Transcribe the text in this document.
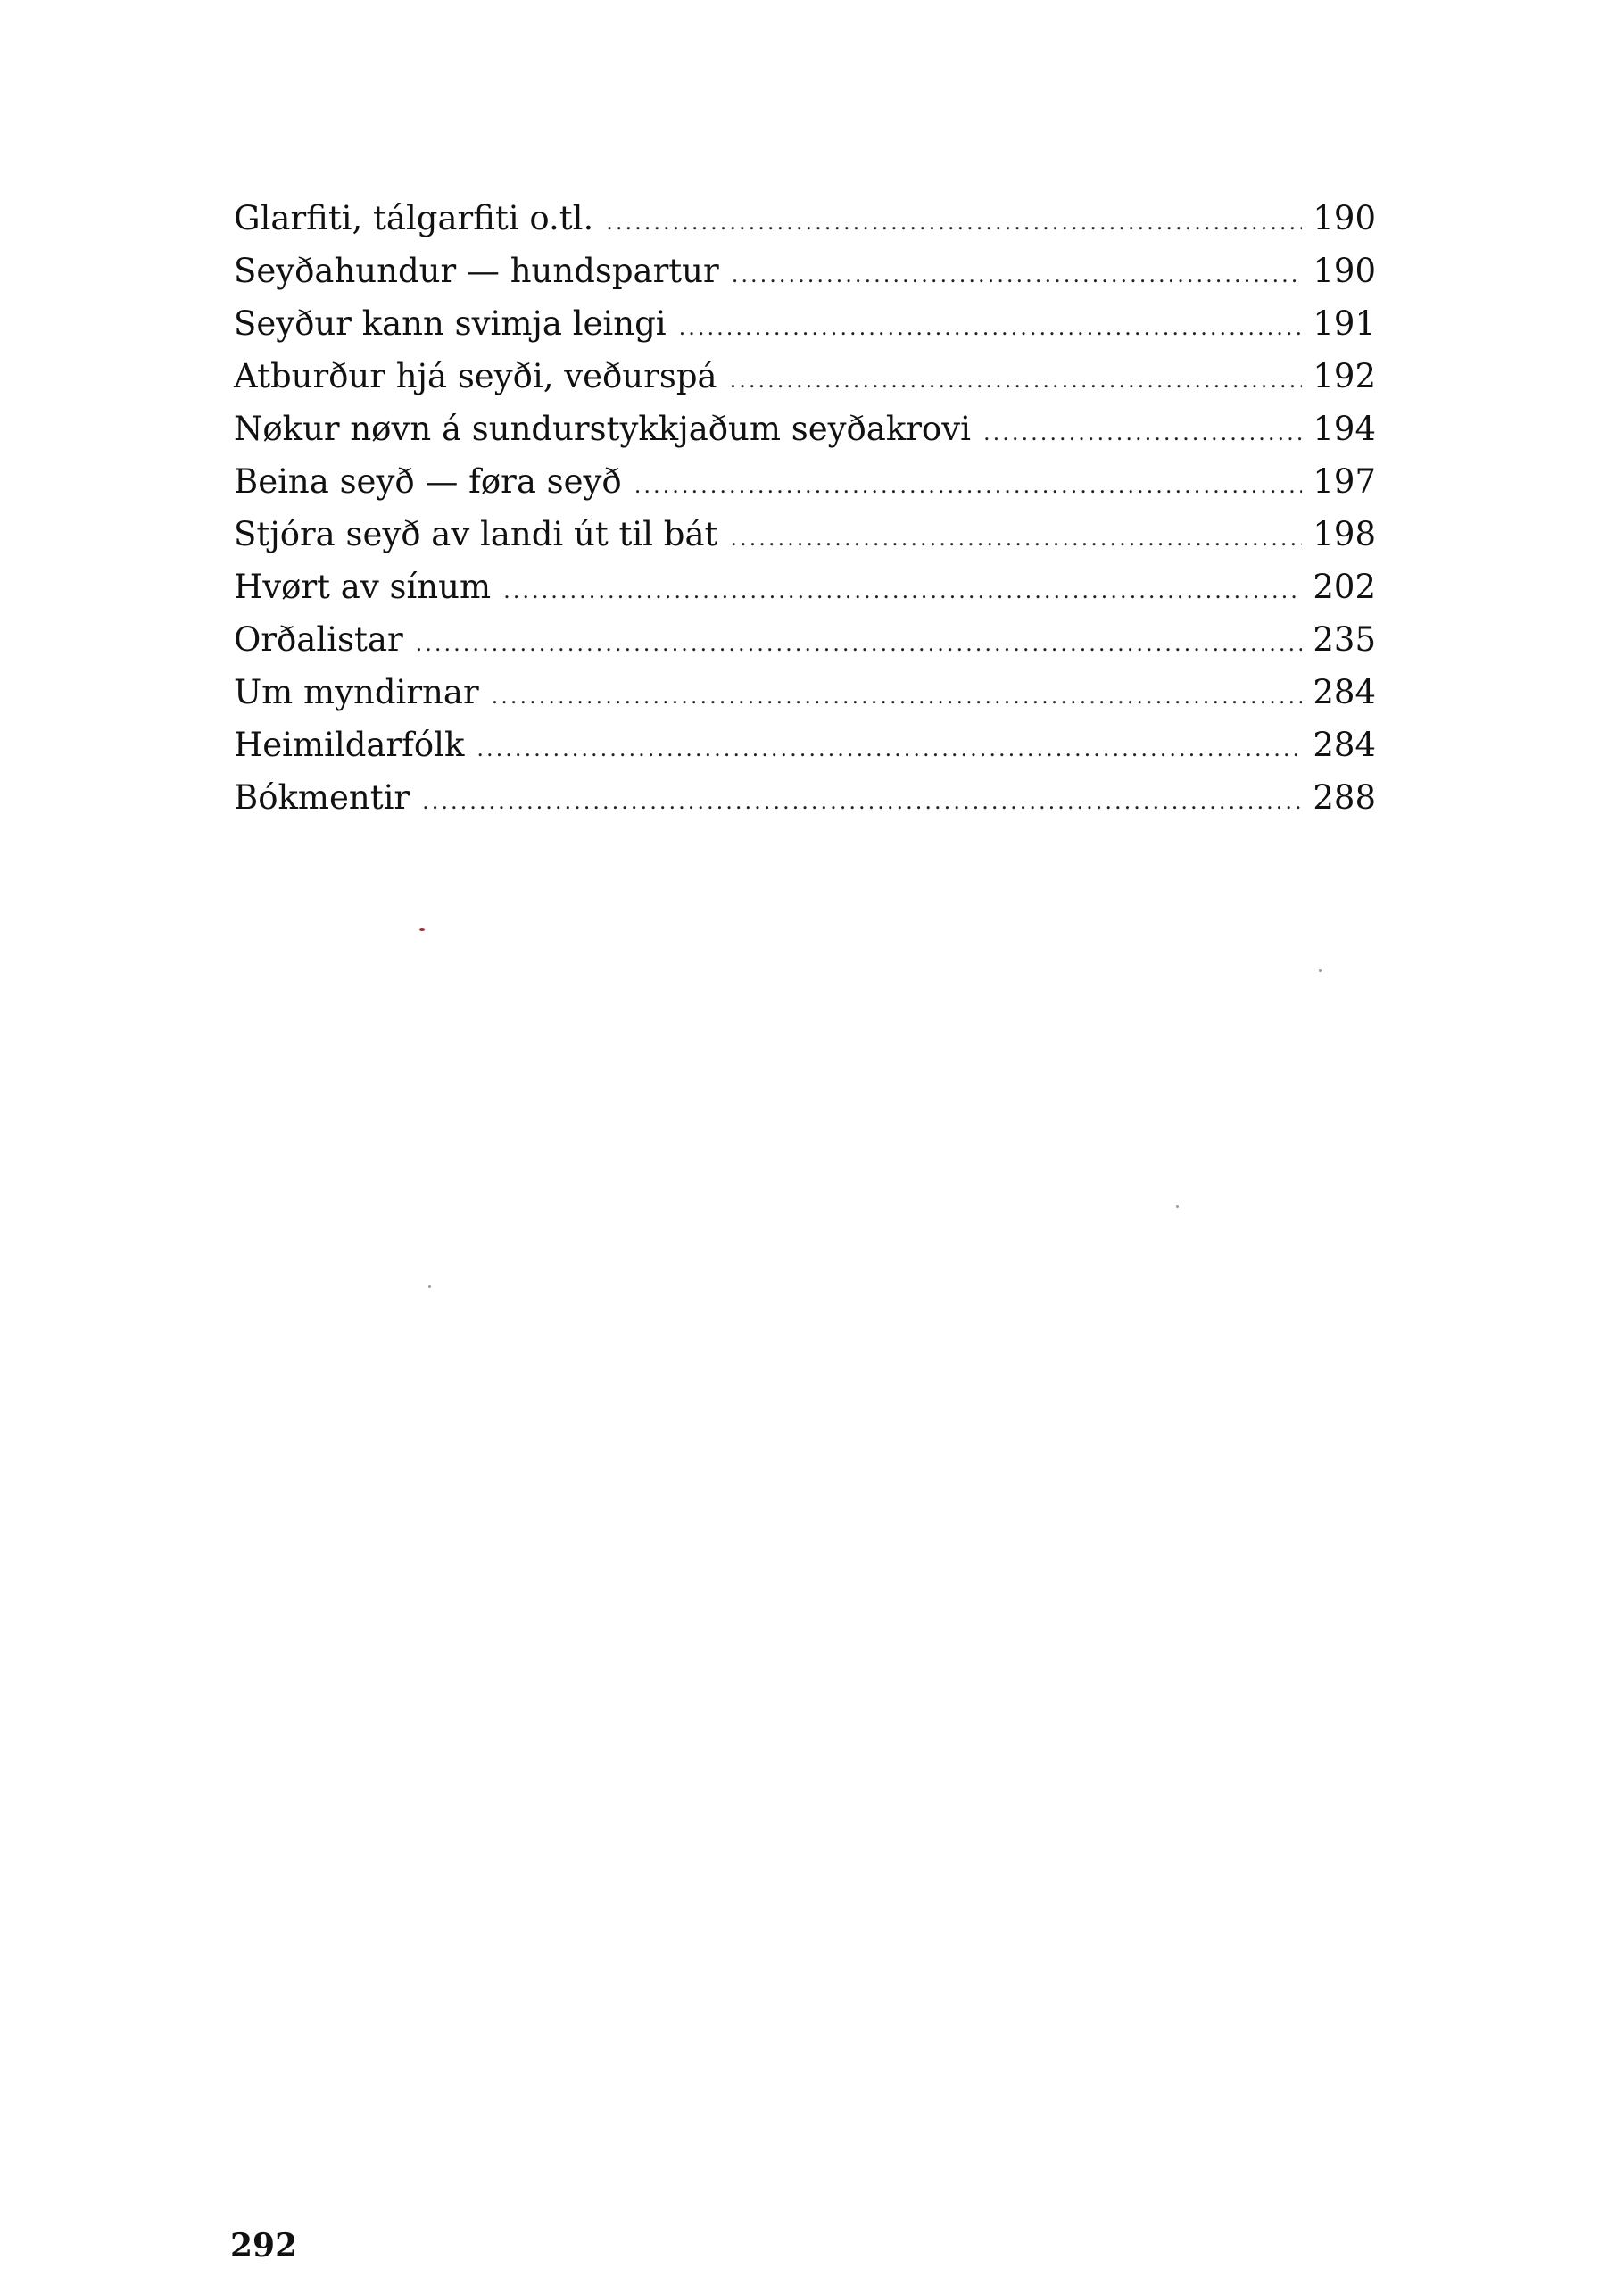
Glarfiti, tálgarfiti o.tl. .....	190
Seyðahundur — hundspartur .....	190
Seyður kann svimja leingi .....	191
Atburður hjá seyði, veðurspá .....	192
Nøkur nøvn á sundurstykkjaðum seyðakrovi .....	194
Beina seyð — føra seyð .....	197
Stjóra seyð av landi út til bát .....	198
Hvørt av sínum .....	202
Orðalistar .....	235
Um myndirnar .....	284
Heimildarfólk .....	284
Bókmentir .....	288
292
